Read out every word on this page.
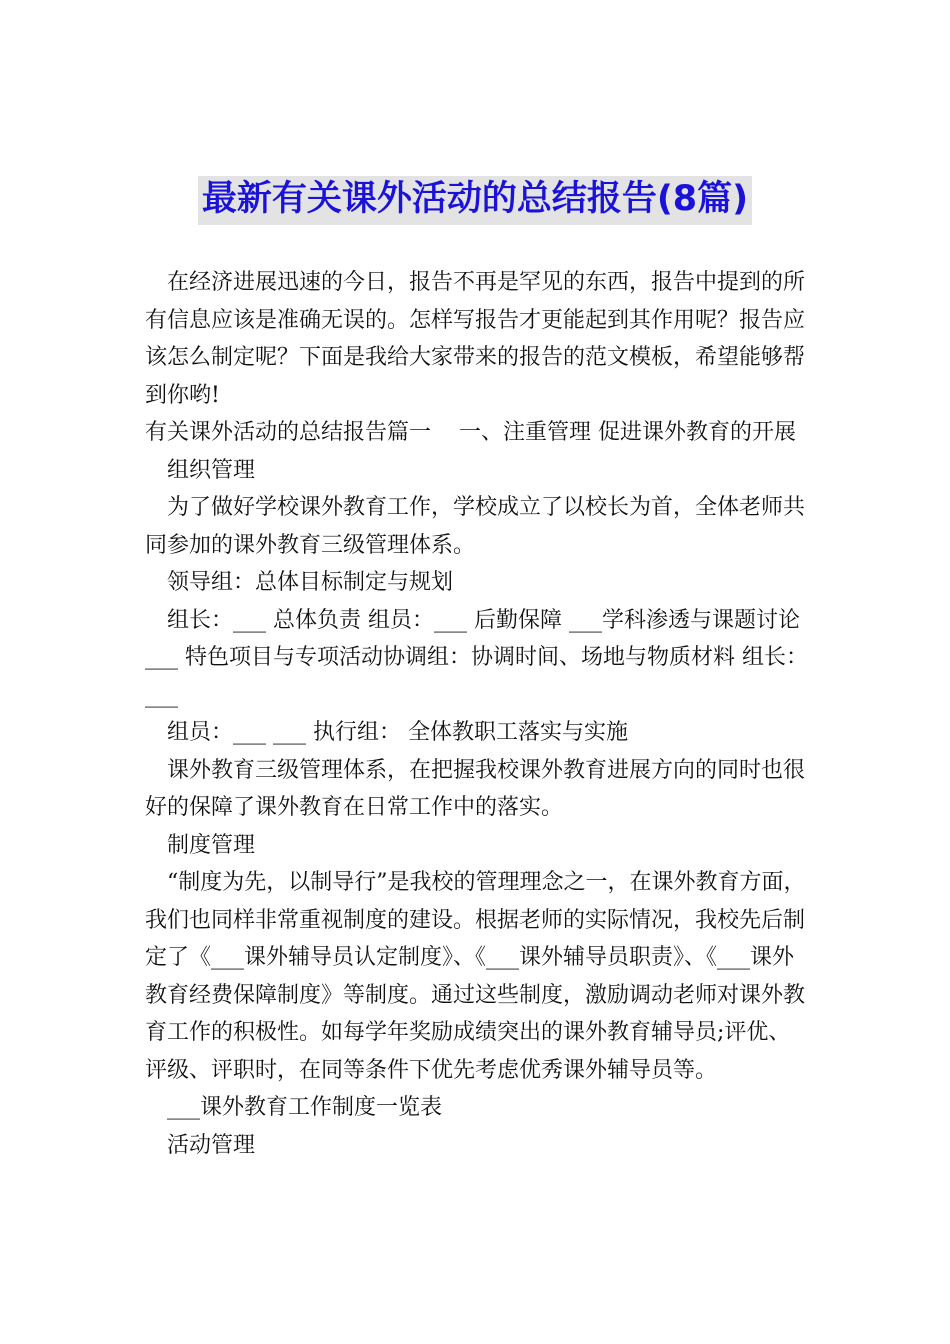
最新有关课外活动的总结报告(8篇)

在经济进展迅速的今日，报告不再是罕见的东西，报告中提到的所有信息应该是准确无误的。怎样写报告才更能起到其作用呢？报告应该怎么制定呢？下面是我给大家带来的报告的范文模板，希望能够帮到你哟!

有关课外活动的总结报告篇一    一、注重管理 促进课外教育的开展

组织管理

为了做好学校课外教育工作，学校成立了以校长为首，全体老师共同参加的课外教育三级管理体系。

领导组：总体目标制定与规划

组长：___ 总体负责 组员：___ 后勤保障 ___学科渗透与课题讨论 ___ 特色项目与专项活动协调组：协调时间、场地与物质材料 组长：___

组员：___ ___ 执行组： 全体教职工落实与实施

课外教育三级管理体系，在把握我校课外教育进展方向的同时也很好的保障了课外教育在日常工作中的落实。

制度管理

“制度为先，以制导行”是我校的管理理念之一，在课外教育方面，我们也同样非常重视制度的建设。根据老师的实际情况，我校先后制定了《___课外辅导员认定制度》、《___课外辅导员职责》、《___课外教育经费保障制度》等制度。通过这些制度，激励调动老师对课外教育工作的积极性。如每学年奖励成绩突出的课外教育辅导员;评优、评级、评职时，在同等条件下优先考虑优秀课外辅导员等。

___课外教育工作制度一览表

活动管理
